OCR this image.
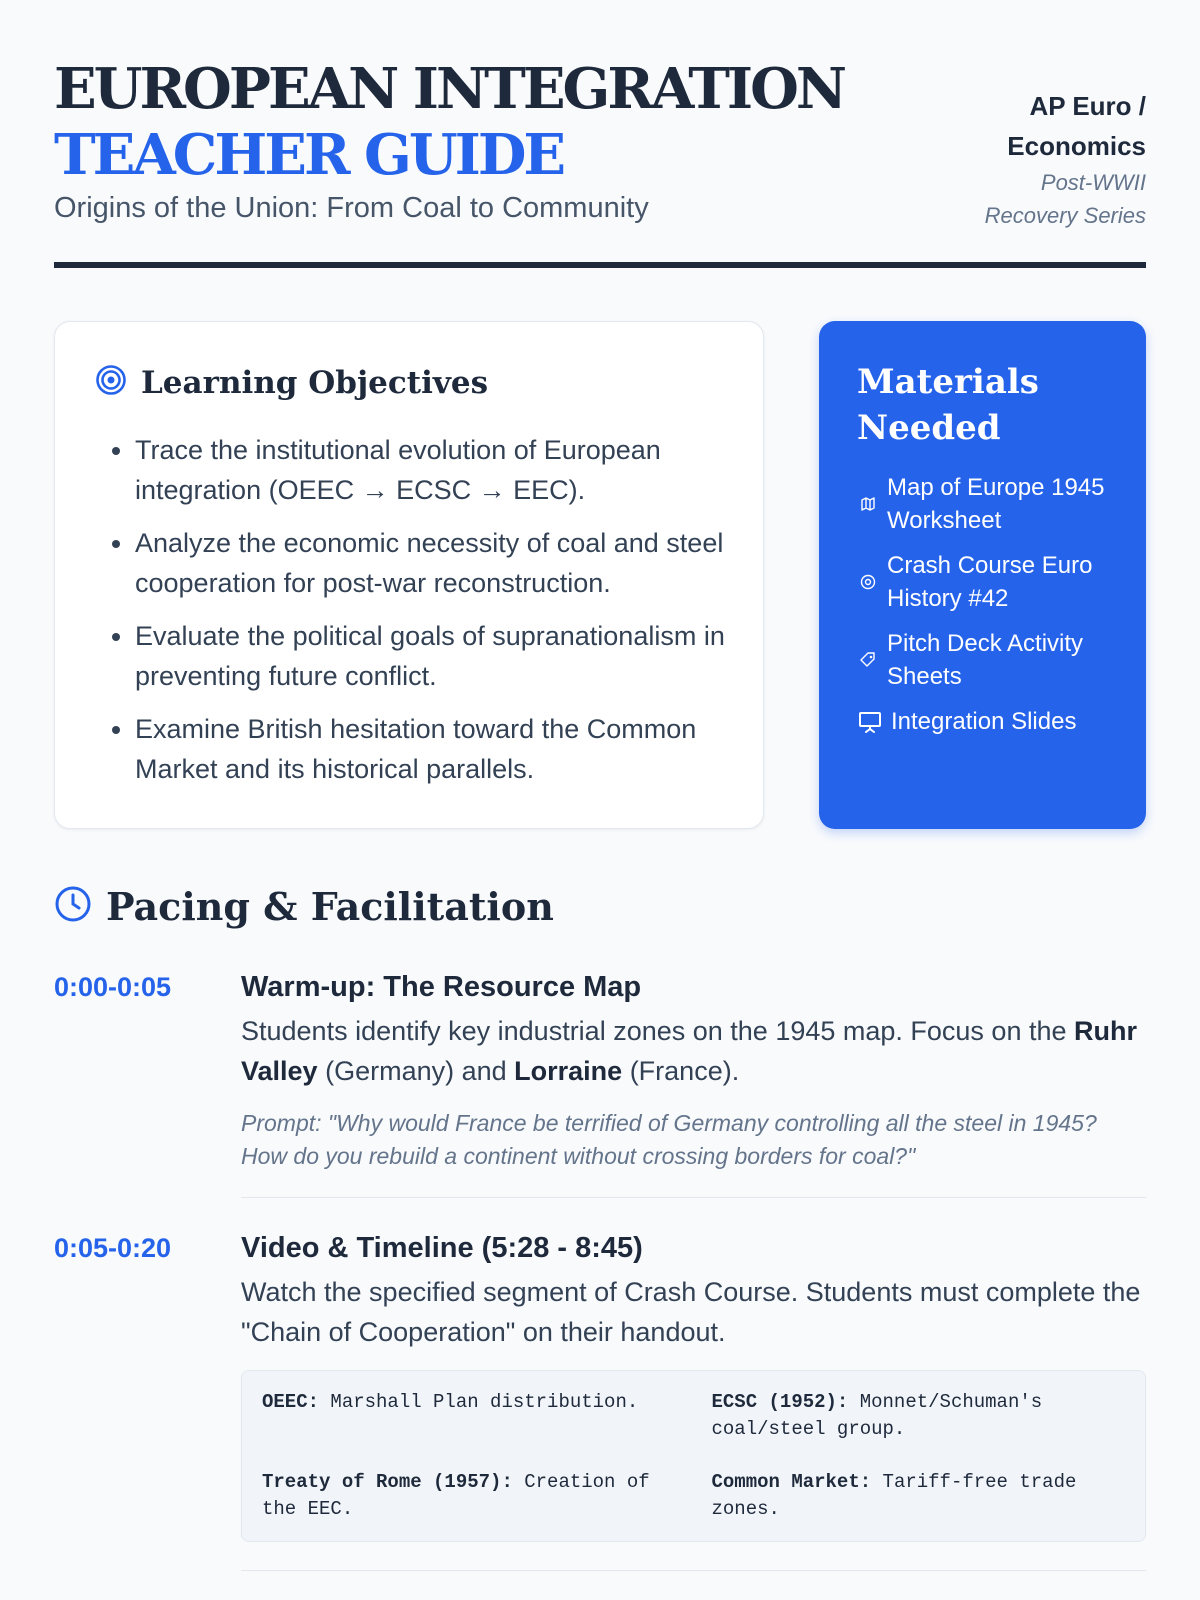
EUROPEAN INTEGRATION
TEACHER GUIDE
Origins of the Union: From Coal to Community
AP Euro / Economics
Post-WWII Recovery Series
Learning Objectives
• Trace the institutional evolution of European integration (OEEC → ECSC → EEC).
• Analyze the economic necessity of coal and steel cooperation for post-war reconstruction.
• Evaluate the political goals of supranationalism in preventing future conflict.
• Examine British hesitation toward the Common Market and its historical parallels.
Materials Needed
Map of Europe 1945 Worksheet
Crash Course Euro History #42
Pitch Deck Activity Sheets
Integration Slides
Pacing & Facilitation
0:00-0:05 Warm-up: The Resource Map
Students identify key industrial zones on the 1945 map. Focus on the Ruhr Valley (Germany) and Lorraine (France).
Prompt: "Why would France be terrified of Germany controlling all the steel in 1945? How do you rebuild a continent without crossing borders for coal?"
0:05-0:20 Video & Timeline (5:28 - 8:45)
Watch the specified segment of Crash Course. Students must complete the "Chain of Cooperation" on their handout.
OEEC: Marshall Plan distribution.	ECSC (1952): Monnet/Schuman's coal/steel group.
Treaty of Rome (1957): Creation of the EEC.
Common Market: Tariff-free trade zones.
